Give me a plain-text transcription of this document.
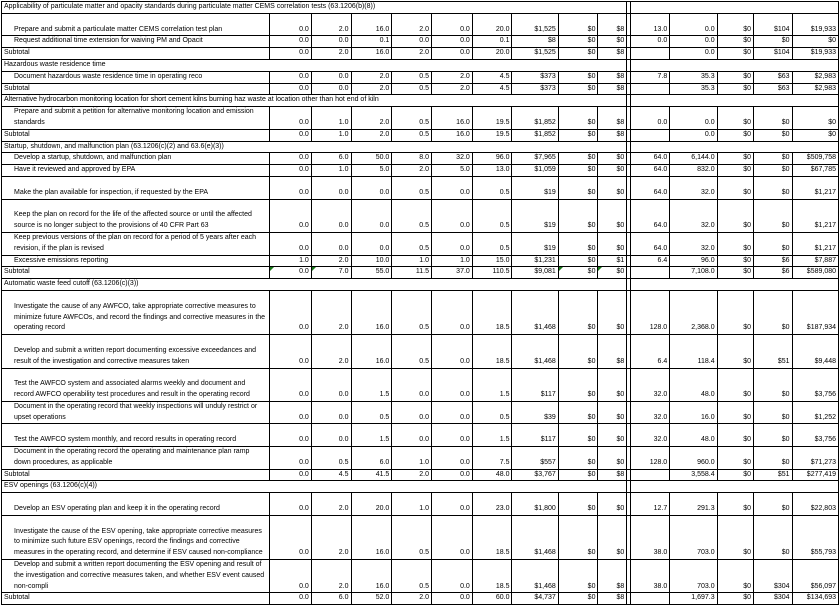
Applicability of particulate matter and opacity standards during particulate matter CEMS correlation tests (63.1206(b)(8))															
Prepare and submit a particulate matter CEMS correlation test plan	0.0	2.0	16.0	2.0	0.0	20.0	$1,525	$0	$8		13.0	0.0	$0	$104	$19,933
Request additional time extension for waiving PM and Opacit	0.0	0.0	0.1	0.0	0.0	0.1	$8	$0	$0		0.0	0.0	$0	$0	$0
Subtotal	0.0	2.0	16.0	2.0	0.0	20.0	$1,525	$0	$8			0.0	$0	$104	$19,933
Hazardous waste residence time															
Document hazardous waste residence time in operating reco	0.0	0.0	2.0	0.5	2.0	4.5	$373	$0	$8		7.8	35.3	$0	$63	$2,983
Subtotal	0.0	0.0	2.0	0.5	2.0	4.5	$373	$0	$8			35.3	$0	$63	$2,983
Alternative hydrocarbon monitoring location for short cement kilns burning haz waste at location other than hot end of kiln															
Prepare and submit a petition for alternative monitoring location and emission standards	0.0	1.0	2.0	0.5	16.0	19.5	$1,852	$0	$8		0.0	0.0	$0	$0	$0
Subtotal	0.0	1.0	2.0	0.5	16.0	19.5	$1,852	$0	$8			0.0	$0	$0	$0
Startup, shutdown, and malfunction plan (63.1206(c)(2) and 63.6(e)(3))															
Develop a startup, shutdown, and malfunction plan	0.0	6.0	50.0	8.0	32.0	96.0	$7,965	$0	$0		64.0	6,144.0	$0	$0	$509,758
Have it reviewed and approved by EPA	0.0	1.0	5.0	2.0	5.0	13.0	$1,059	$0	$0		64.0	832.0	$0	$0	$67,785
Make the plan available for inspection, if requested by the EPA	0.0	0.0	0.0	0.5	0.0	0.5	$19	$0	$0		64.0	32.0	$0	$0	$1,217
Keep the plan on record for the life of the affected source or until the affected source is no longer subject to the provisions of 40 CFR Part 63	0.0	0.0	0.0	0.5	0.0	0.5	$19	$0	$0		64.0	32.0	$0	$0	$1,217
Keep previous versions of the plan on record for a period of 5 years after each revision, if the plan is revised	0.0	0.0	0.0	0.5	0.0	0.5	$19	$0	$0		64.0	32.0	$0	$0	$1,217
Excessive emissions reporting	1.0	2.0	10.0	1.0	1.0	15.0	$1,231	$0	$1		6.4	96.0	$0	$6	$7,887
Subtotal	0.0	7.0	55.0	11.5	37.0	110.5	$9,081	$0	$0			7,108.0	$0	$6	$589,080
Automatic waste feed cutoff (63.1206(c)(3))															
Investigate the cause of any AWFCO, take appropriate corrective measures to minimize future AWFCOs, and record the findings and corrective measures in the operating record	0.0	2.0	16.0	0.5	0.0	18.5	$1,468	$0	$0		128.0	2,368.0	$0	$0	$187,934
Develop and submit a written report documenting excessive exceedances and result of the investigation and corrective measures taken	0.0	2.0	16.0	0.5	0.0	18.5	$1,468	$0	$8		6.4	118.4	$0	$51	$9,448
Test the AWFCO system and associated alarms weekly and document and record AWFCO operability test procedures and result in the operating record	0.0	0.0	1.5	0.0	0.0	1.5	$117	$0	$0		32.0	48.0	$0	$0	$3,756
Document in the operating record that weekly inspections will unduly restrict or upset operations	0.0	0.0	0.5	0.0	0.0	0.5	$39	$0	$0		32.0	16.0	$0	$0	$1,252
Test the AWFCO system monthly, and record results in operating record	0.0	0.0	1.5	0.0	0.0	1.5	$117	$0	$0		32.0	48.0	$0	$0	$3,756
Document in the operating record the operating and maintenance plan ramp down procedures, as applicable	0.0	0.5	6.0	1.0	0.0	7.5	$557	$0	$0		128.0	960.0	$0	$0	$71,273
Subtotal	0.0	4.5	41.5	2.0	0.0	48.0	$3,767	$0	$8			3,558.4	$0	$51	$277,419
ESV openings (63.1206(c)(4))															
Develop an ESV operating plan and keep it in the operating record	0.0	2.0	20.0	1.0	0.0	23.0	$1,800	$0	$0		12.7	291.3	$0	$0	$22,803
Investigate the cause of the ESV opening, take appropriate corrective measures to minimize such future ESV openings, record the findings and corrective measures in the operating record, and determine if ESV caused non-compliance	0.0	2.0	16.0	0.5	0.0	18.5	$1,468	$0	$0		38.0	703.0	$0	$0	$55,793
Develop and submit a written report documenting the ESV opening and result of the investigation and corrective measures taken, and whether ESV event caused non-compli	0.0	2.0	16.0	0.5	0.0	18.5	$1,468	$0	$8		38.0	703.0	$0	$304	$56,097
Subtotal	0.0	6.0	52.0	2.0	0.0	60.0	$4,737	$0	$8			1,697.3	$0	$304	$134,693
